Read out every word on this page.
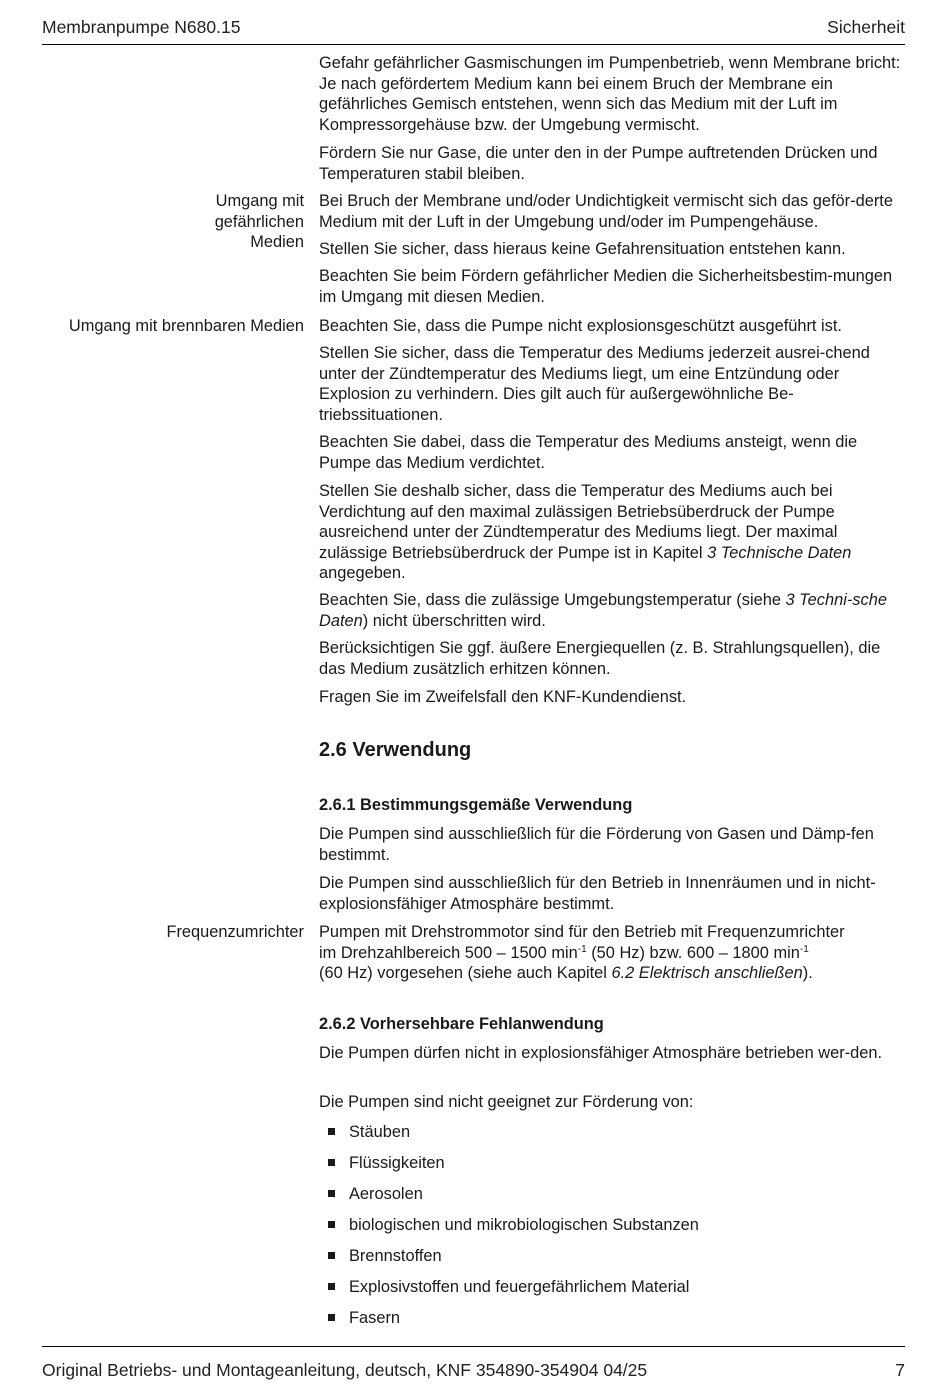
Membranpumpe N680.15	Sicherheit
Umgang mit
gefährlichen
Medien
Umgang mit brennbaren Medien
Frequenzumrichter

Gefahr gefährlicher Gasmischungen im Pumpenbetrieb, wenn Membrane bricht: Je nach gefördertem Medium kann bei einem Bruch der Membrane ein gefährliches Gemisch entstehen, wenn sich das Medium mit der Luft im Kompressorgehäuse bzw. der Umgebung vermischt.

Fördern Sie nur Gase, die unter den in der Pumpe auftretenden Drücken und Temperaturen stabil bleiben.

Bei Bruch der Membrane und/oder Undichtigkeit vermischt sich das geför-derte Medium mit der Luft in der Umgebung und/oder im Pumpengehäuse.

Stellen Sie sicher, dass hieraus keine Gefahrensituation entstehen kann.

Beachten Sie beim Fördern gefährlicher Medien die Sicherheitsbestim-mungen im Umgang mit diesen Medien.

Beachten Sie, dass die Pumpe nicht explosionsgeschützt ausgeführt ist.

Stellen Sie sicher, dass die Temperatur des Mediums jederzeit ausrei-chend unter der Zündtemperatur des Mediums liegt, um eine Entzündung oder Explosion zu verhindern. Dies gilt auch für außergewöhnliche Be-triebssituationen.

Beachten Sie dabei, dass die Temperatur des Mediums ansteigt, wenn die Pumpe das Medium verdichtet.

Stellen Sie deshalb sicher, dass die Temperatur des Mediums auch bei Verdichtung auf den maximal zulässigen Betriebsüberdruck der Pumpe ausreichend unter der Zündtemperatur des Mediums liegt. Der maximal zulässige Betriebsüberdruck der Pumpe ist in Kapitel 3 Technische Daten angegeben.

Beachten Sie, dass die zulässige Umgebungstemperatur (siehe 3 Techni-sche Daten) nicht überschritten wird.

Berücksichtigen Sie ggf. äußere Energiequellen (z. B. Strahlungsquellen), die das Medium zusätzlich erhitzen können.

Fragen Sie im Zweifelsfall den KNF-Kundendienst.

2.6 Verwendung
2.6.1 Bestimmungsgemäße Verwendung

Die Pumpen sind ausschließlich für die Förderung von Gasen und Dämp-fen bestimmt.

Die Pumpen sind ausschließlich für den Betrieb in Innenräumen und in nicht-explosionsfähiger Atmosphäre bestimmt.

Pumpen mit Drehstrommotor sind für den Betrieb mit Frequenzumrichter
im Drehzahlbereich 500 – 1500 $\min^{-1} (50$ Hz) bzw. 600 – 1800 $\min^{-1}$
(60 Hz) vorgesehen (siehe auch Kapitel 6.2 Elektrisch anschließen).
2.6.2 Vorhersehbare Fehlanwendung

Die Pumpen dürfen nicht in explosionsfähiger Atmosphäre betrieben wer-den.

Die Pumpen sind nicht geeignet zur Förderung von:

Stäuben
Flüssigkeiten
Aerosolen
biologischen und mikrobiologischen Substanzen
Brennstoffen
Explosivstoffen und feuergefährlichem Material
Fasern
Original Betriebs- und Montageanleitung, deutsch, KNF 354890-354904 04/25	7
